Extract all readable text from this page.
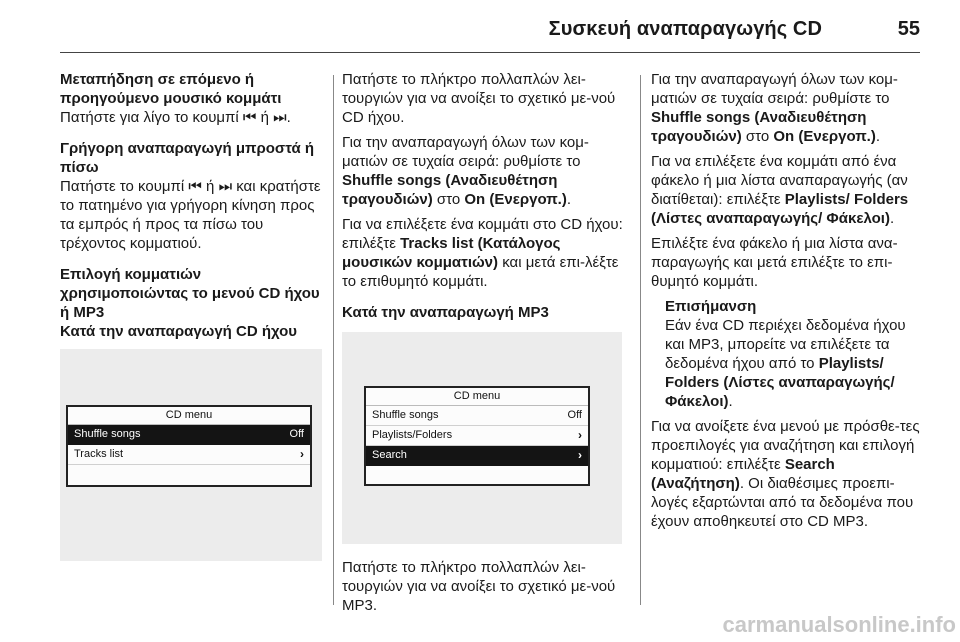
Συσκευή αναπαραγωγής CD	55

Μεταπήδηση σε επόμενο ή προηγούμενο μουσικό κομμάτι

Πατήστε για λίγο το κουμπί ⏮ ή ⏭.

Γρήγορη αναπαραγωγή μπροστά ή πίσω

Πατήστε το κουμπί ⏮ ή ⏭ και κρατήστε το πατημένο για γρήγορη κίνηση προς τα εμπρός ή προς τα πίσω του τρέχοντος κομματιού.

Επιλογή κομματιών χρησιμοποιώντας το μενού CD ήχου ή MP3

Κατά την αναπαραγωγή CD ήχου

CD menu
Shuffle songs	Off
Tracks list	›

Πατήστε το πλήκτρο πολλαπλών λει-τουργιών για να ανοίξει το σχετικό με-νού CD ήχου.

Για την αναπαραγωγή όλων των κομ-ματιών σε τυχαία σειρά: ρυθμίστε το Shuffle songs (Αναδιευθέτηση τραγουδιών) στο On (Ενεργοπ.).

Για να επιλέξετε ένα κομμάτι στο CD ήχου: επιλέξτε Tracks list (Κατάλογος μουσικών κομματιών) και μετά επι-λέξτε το επιθυμητό κομμάτι.

Κατά την αναπαραγωγή MP3

CD menu
Shuffle songs	Off
Playlists/Folders	›
Search	›

Πατήστε το πλήκτρο πολλαπλών λει-τουργιών για να ανοίξει το σχετικό με-νού MP3.

Για την αναπαραγωγή όλων των κομ-ματιών σε τυχαία σειρά: ρυθμίστε το Shuffle songs (Αναδιευθέτηση τραγουδιών) στο On (Ενεργοπ.).

Για να επιλέξετε ένα κομμάτι από ένα φάκελο ή μια λίστα αναπαραγωγής (αν διατίθεται): επιλέξτε Playlists/ Folders (Λίστες αναπαραγωγής/ Φάκελοι).

Επιλέξτε ένα φάκελο ή μια λίστα ανα-παραγωγής και μετά επιλέξτε το επι-θυμητό κομμάτι.

Επισήμανση

Εάν ένα CD περιέχει δεδομένα ήχου και MP3, μπορείτε να επιλέξετε τα δεδομένα ήχου από το Playlists/ Folders (Λίστες αναπαραγωγής/ Φάκελοι).

Για να ανοίξετε ένα μενού με πρόσθε-τες προεπιλογές για αναζήτηση και επιλογή κομματιού: επιλέξτε Search (Αναζήτηση). Οι διαθέσιμες προεπι-λογές εξαρτώνται από τα δεδομένα που έχουν αποθηκευτεί στο CD MP3.

carmanualsonline.info
